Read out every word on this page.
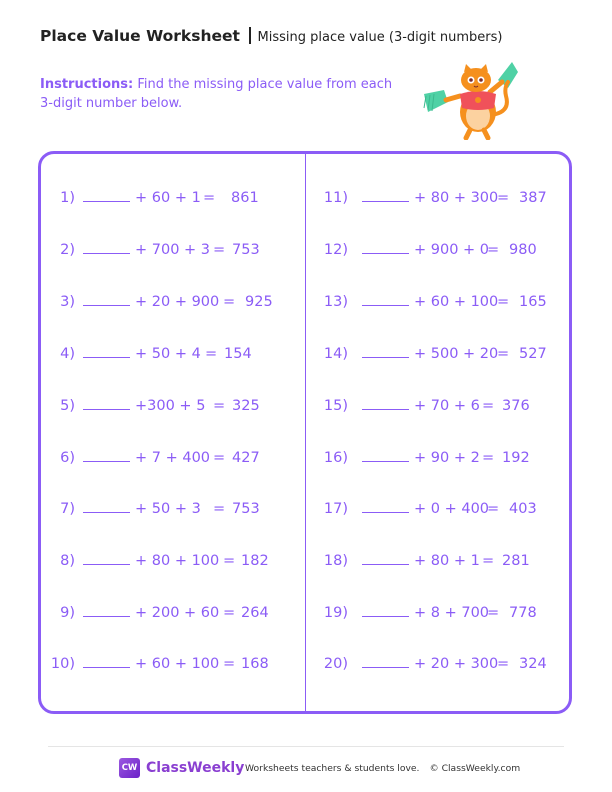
Place Value Worksheet Missing place value (3-digit numbers)
Instructions: Find the missing place value from each 3-digit number below.
1)	+ 60 + 1 = 861
2)	+ 700 + 3 = 753
3)	+ 20 + 900 = 925
4)	+ 50 + 4 = 154
5)	+300 + 5 = 325
6)	+ 7 + 400 = 427
7)	+ 50 + 3 = 753
8)	+ 80 + 100 = 182
9)	+ 200 + 60 = 264
10)	+ 60 + 100 = 168
11)	+ 80 + 300
= 387
12)	+ 900 + 0
= 980
13)	+ 60 + 100
= 165
14)	+ 500 + 20
= 527
15)	+ 70 + 6 = 376
16)	+ 90 + 2 = 192
17)	+ 0 + 400
= 403
18)	+ 80 + 1 = 281
19)	+ 8 + 700
= 778
20)	+ 20 + 300
= 324
CW ClassWeekly Worksheets teachers & students love. © ClassWeekly.com
